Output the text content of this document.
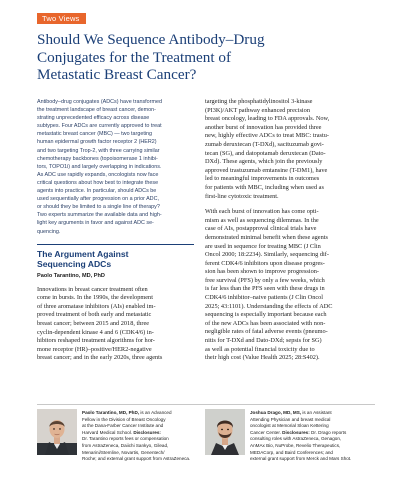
Two Views
Should We Sequence Antibody–Drug
Conjugates for the Treatment of
Metastatic Breast Cancer?
Antibody–drug conjugates (ADCs) have transformed
the treatment landscape of breast cancer, demon-
strating unprecedented efficacy across disease
subtypes. Four ADCs are currently approved to treat
metastatic breast cancer (MBC) — two targeting
human epidermal growth factor receptor 2 (HER2)
and two targeting Trop-2, with three carrying similar
chemotherapy backbones (topoisomerase 1 inhibi-
tors, TOPO1i) and largely overlapping in indications.
As ADC use rapidly expands, oncologists now face
critical questions about how best to integrate these
agents into practice. In particular, should ADCs be
used sequentially after progression on a prior ADC,
or should they be limited to a single line of therapy?
Two experts summarize the available data and high-
light key arguments in favor and against ADC se-
quencing.
The Argument Against
Sequencing ADCs
Paolo Tarantino, MD, PhD
Innovations in breast cancer treatment often
come in bursts. In the 1990s, the development
of three aromatase inhibitors (AIs) enabled im-
proved treatment of both early and metastatic
breast cancer; between 2015 and 2018, three
cyclin-dependent kinase 4 and 6 (CDK4/6) in-
hibitors reshaped treatment algorithms for hor-
mone receptor (HR)–positive/HER2-negative
breast cancer; and in the early 2020s, three agents
targeting the phosphatidylinositol 3-kinase
(PI3K)/AKT pathway enhanced precision
breast oncology, leading to FDA approvals. Now,
another burst of innovation has provided three
new, highly effective ADCs to treat MBC: trastu-
zumab deruxtecan (T-DXd), sacituzumab govi-
tecan (SG), and datopotamab deruxtecan (Dato-
DXd). These agents, which join the previously
approved trastuzumab emtansine (T-DM1), have
led to meaningful improvements in outcomes
for patients with MBC, including when used as
first-line cytotoxic treatment.
With each burst of innovation has come opti-
mism as well as sequencing dilemmas. In the
case of AIs, postapproval clinical trials have
demonstrated minimal benefit when these agents
are used in sequence for treating MBC (J Clin
Oncol 2000; 18:2234). Similarly, sequencing dif-
ferent CDK4/6 inhibitors upon disease progres-
sion has been shown to improve progression-
free survival (PFS) by only a few weeks, which
is far less than the PFS seen with these drugs in
CDK4/6 inhibitor–naive patients (J Clin Oncol
2025; 43:1101). Understanding the effects of ADC
sequencing is especially important because each
of the new ADCs has been associated with non-
negligible rates of fatal adverse events (pneumo-
nitis for T-DXd and Dato-DXd; sepsis for SG)
as well as potential financial toxicity due to
their high cost (Value Health 2025; 28:S402).
Paolo Tarantino, MD, PhD, is an Advanced
Fellow in the Division of Breast Oncology
at the Dana-Farber Cancer Institute and
Harvard Medical School. Disclosures:
Dr. Tarantino reports fees or compensation
from AstraZeneca, Daiichi Sankyo, Gilead,
Menarini/Stemline, Novartis, Genentech/
Roche; and external grant support from AstraZeneca.
Joshua Drago, MD, MS, is an Assistant
Attending Physician and breast medical
oncologist at Memorial Sloan Kettering
Cancer Center. Disclosures: Dr. Drago reports
consulting roles with AstraZeneca, Genagon,
AnMAx Bio, NuProbe, Revelio Therapeutics,
MEDACorp, and Baird Conferences; and
external grant support from Merck and Mars Shot.
